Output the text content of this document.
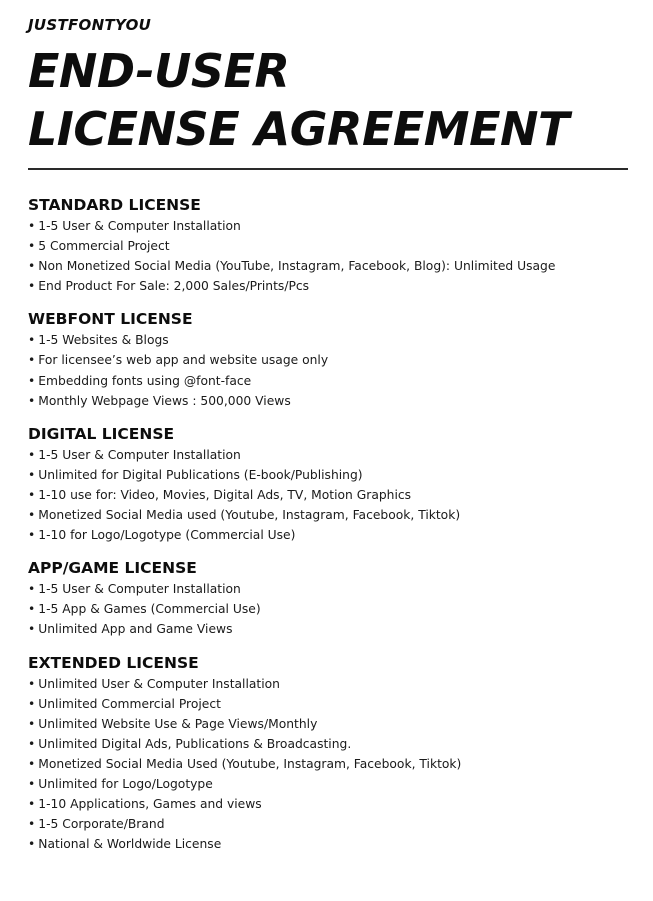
JUSTFONTYOU

END-USER
LICENSE AGREEMENT
STANDARD LICENSE
• 1-5 User & Computer Installation
• 5 Commercial Project
• Non Monetized Social Media (YouTube, Instagram, Facebook, Blog): Unlimited Usage
• End Product For Sale: 2,000 Sales/Prints/Pcs
WEBFONT LICENSE
• 1-5 Websites & Blogs
• For licensee’s web app and website usage only
• Embedding fonts using @font-face
• Monthly Webpage Views : 500,000 Views
DIGITAL LICENSE
• 1-5 User & Computer Installation
• Unlimited for Digital Publications (E-book/Publishing)
• 1-10 use for: Video, Movies, Digital Ads, TV, Motion Graphics
• Monetized Social Media used (Youtube, Instagram, Facebook, Tiktok)
• 1-10 for Logo/Logotype (Commercial Use)
APP/GAME LICENSE
• 1-5 User & Computer Installation
• 1-5 App & Games (Commercial Use)
• Unlimited App and Game Views
EXTENDED LICENSE
• Unlimited User & Computer Installation
• Unlimited Commercial Project
• Unlimited Website Use & Page Views/Monthly
• Unlimited Digital Ads, Publications & Broadcasting.
• Monetized Social Media Used (Youtube, Instagram, Facebook, Tiktok)
• Unlimited for Logo/Logotype
• 1-10 Applications, Games and views
• 1-5 Corporate/Brand
• National & Worldwide License
